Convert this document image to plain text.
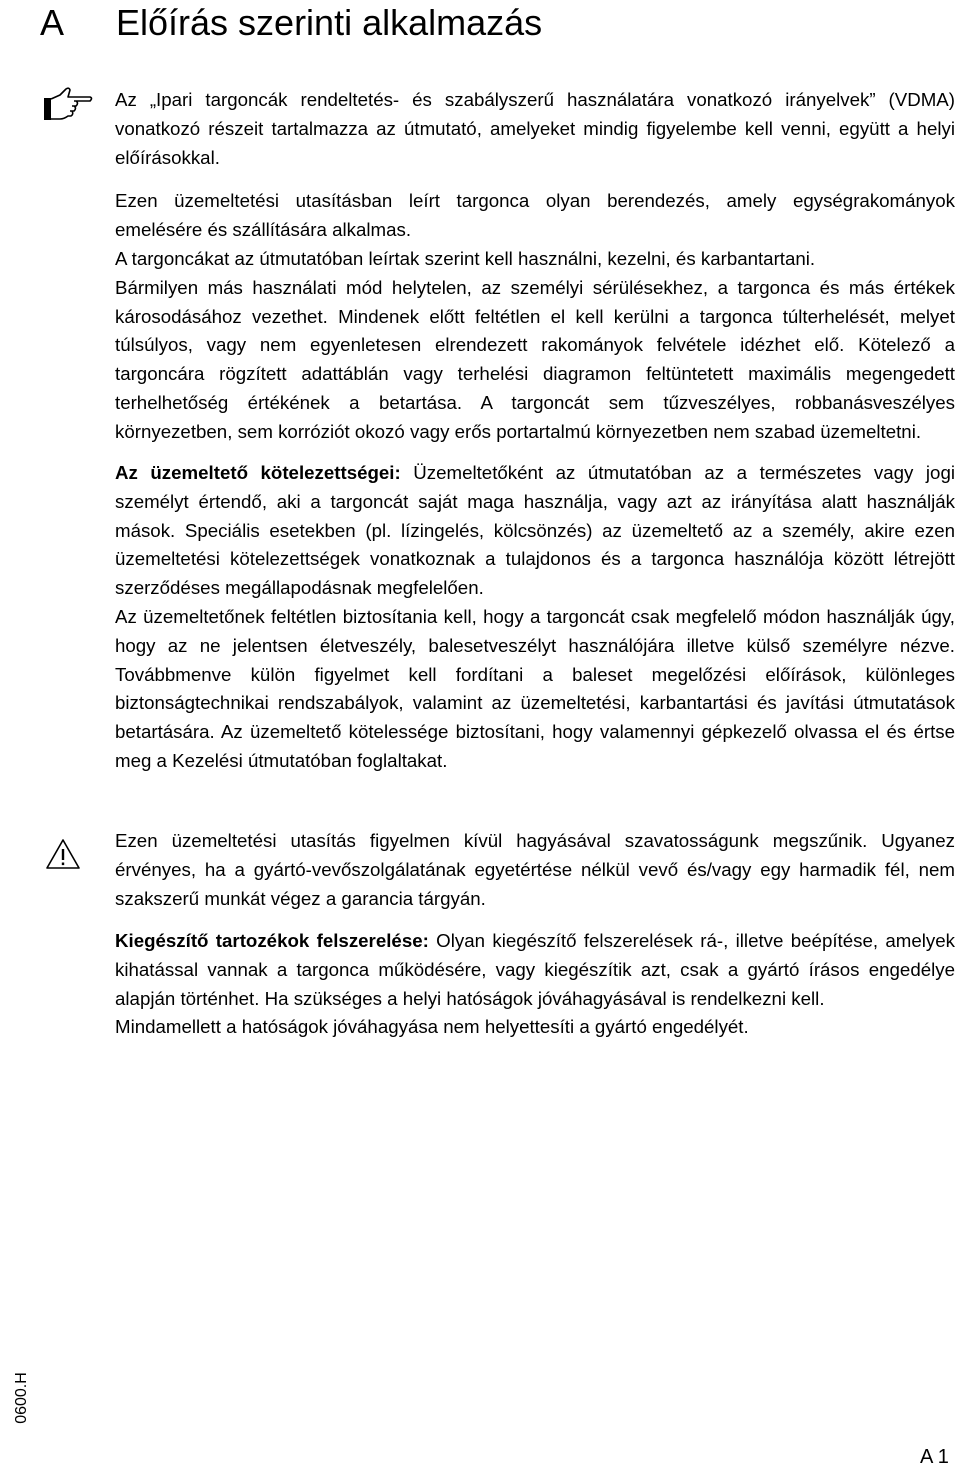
A Előírás szerinti alkalmazás

Az „Ipari targoncák rendeltetés- és szabályszerű használatára vonatkozó irányelvek” (VDMA) vonatkozó részeit tartalmazza az útmutató, amelyeket mindig figyelembe kell venni, együtt a helyi előírásokkal.

Ezen üzemeltetési utasításban leírt targonca olyan berendezés, amely egységrakományok emelésére és szállítására alkalmas.

A targoncákat az útmutatóban leírtak szerint kell használni, kezelni, és karbantartani.

Bármilyen más használati mód helytelen, az személyi sérülésekhez, a targonca és más értékek károsodásához vezethet. Mindenek előtt feltétlen el kell kerülni a targonca túlterhelését, melyet túlsúlyos, vagy nem egyenletesen elrendezett rakományok felvétele idézhet elő. Kötelező a targoncára rögzített adattáblán vagy terhelési diagramon feltüntetett maximális megengedett terhelhetőség értékének a betartása. A targoncát sem tűzveszélyes, robbanásveszélyes környezetben, sem korróziót okozó vagy erős portartalmú környezetben nem szabad üzemeltetni.

Az üzemeltető kötelezettségei: Üzemeltetőként az útmutatóban az a természetes vagy jogi személyt értendő, aki a targoncát saját maga használja, vagy azt az irányítása alatt használják mások. Speciális esetekben (pl. lízingelés, kölcsönzés) az üzemeltető az a személy, akire ezen üzemeltetési kötelezettségek vonatkoznak a tulajdonos és a targonca használója között létrejött szerződéses megállapodásnak megfelelően.

Az üzemeltetőnek feltétlen biztosítania kell, hogy a targoncát csak megfelelő módon használják úgy, hogy az ne jelentsen életveszély, balesetveszélyt használójára illetve külső személyre nézve. Továbbmenve külön figyelmet kell fordítani a baleset megelőzési előírások, különleges biztonságtechnikai rendszabályok, valamint az üzemeltetési, karbantartási és javítási útmutatások betartására. Az üzemeltető kötelessége biztosítani, hogy valamennyi gépkezelő olvassa el és értse meg a Kezelési útmutatóban foglaltakat.

Ezen üzemeltetési utasítás figyelmen kívül hagyásával szavatosságunk megszűnik. Ugyanez érvényes, ha a gyártó-vevőszolgálatának egyetértése nélkül vevő és/vagy egy harmadik fél, nem szakszerű munkát végez a garancia tárgyán.

Kiegészítő tartozékok felszerelése: Olyan kiegészítő felszerelések rá-, illetve beépítése, amelyek kihatással vannak a targonca működésére, vagy kiegészítik azt, csak a gyártó írásos engedélye alapján történhet. Ha szükséges a helyi hatóságok jóváhagyásával is rendelkezni kell.

Mindamellett a hatóságok jóváhagyása nem helyettesíti a gyártó engedélyét.

0600.H
A 1
